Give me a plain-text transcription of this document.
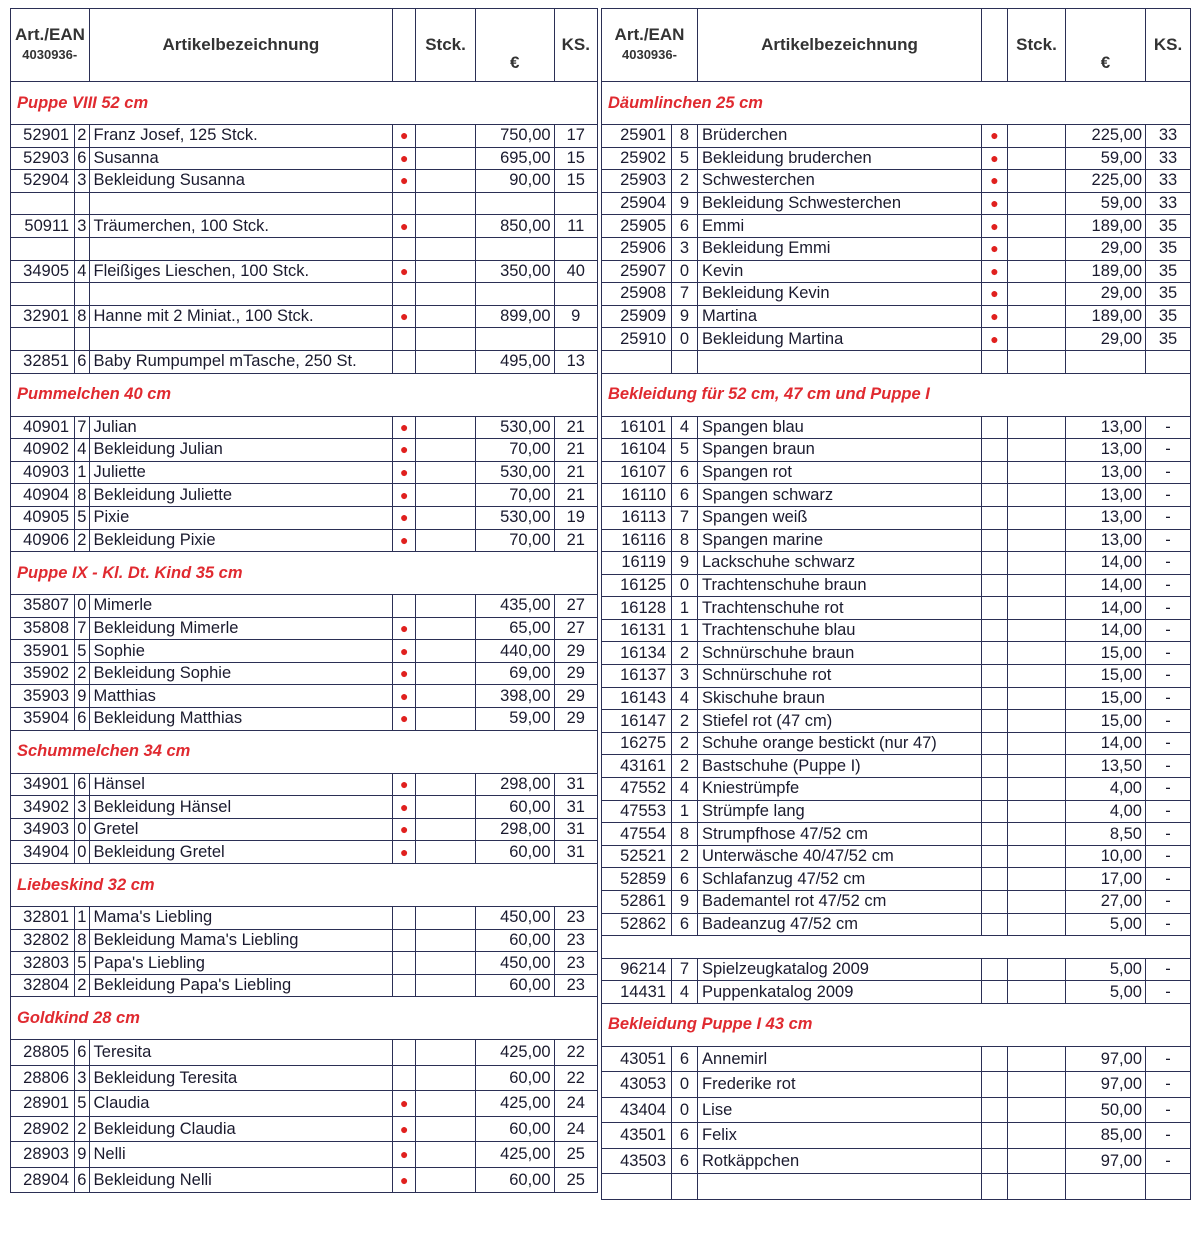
Art./EAN
4030936-		Artikelbezeichnung		Stck.	€	KS.
Puppe VIII 52 cm						
52901	2	Franz Josef, 125 Stck.	●		750,00	17
52903	6	Susanna	●		695,00	15
52904	3	Bekleidung Susanna	●		90,00	15

50911	3	Träumerchen, 100 Stck.	●		850,00	11

34905	4	Fleißiges Lieschen, 100 Stck.	●		350,00	40

32901	8	Hanne mit 2 Miniat., 100 Stck.	●		899,00	9

32851	6	Baby Rumpumpel mTasche, 250 St.			495,00	13
Pummelchen 40 cm						
40901	7	Julian	●		530,00	21
40902	4	Bekleidung Julian	●		70,00	21
40903	1	Juliette	●		530,00	21
40904	8	Bekleidung Juliette	●		70,00	21
40905	5	Pixie	●		530,00	19
40906	2	Bekleidung Pixie	●		70,00	21
Puppe IX - Kl. Dt. Kind 35 cm						
35807	0	Mimerle			435,00	27
35808	7	Bekleidung Mimerle	●		65,00	27
35901	5	Sophie	●		440,00	29
35902	2	Bekleidung Sophie	●		69,00	29
35903	9	Matthias	●		398,00	29
35904	6	Bekleidung Matthias	●		59,00	29
Schummelchen 34 cm						
34901	6	Hänsel	●		298,00	31
34902	3	Bekleidung Hänsel	●		60,00	31
34903	0	Gretel	●		298,00	31
34904	0	Bekleidung Gretel	●		60,00	31
Liebeskind 32 cm						
32801	1	Mama's Liebling			450,00	23
32802	8	Bekleidung Mama's Liebling			60,00	23
32803	5	Papa's Liebling			450,00	23
32804	2	Bekleidung Papa's Liebling			60,00	23
Goldkind 28 cm						
28805	6	Teresita			425,00	22
28806	3	Bekleidung Teresita			60,00	22
28901	5	Claudia	●		425,00	24
28902	2	Bekleidung Claudia	●		60,00	24
28903	9	Nelli	●		425,00	25
28904	6	Bekleidung Nelli	●		60,00	25
Art./EAN
4030936-		Artikelbezeichnung		Stck.	€	KS.
Däumlinchen 25 cm						
25901	8	Brüderchen	●		225,00	33
25902	5	Bekleidung bruderchen	●		59,00	33
25903	2	Schwesterchen	●		225,00	33
25904	9	Bekleidung Schwesterchen	●		59,00	33
25905	6	Emmi	●		189,00	35
25906	3	Bekleidung Emmi	●		29,00	35
25907	0	Kevin	●		189,00	35
25908	7	Bekleidung Kevin	●		29,00	35
25909	9	Martina	●		189,00	35
25910	0	Bekleidung Martina	●		29,00	35

Bekleidung für 52 cm, 47 cm und Puppe I						
16101	4	Spangen blau			13,00	-
16104	5	Spangen braun			13,00	-
16107	6	Spangen rot			13,00	-
16110	6	Spangen schwarz			13,00	-
16113	7	Spangen weiß			13,00	-
16116	8	Spangen marine			13,00	-
16119	9	Lackschuhe schwarz			14,00	-
16125	0	Trachtenschuhe braun			14,00	-
16128	1	Trachtenschuhe rot			14,00	-
16131	1	Trachtenschuhe blau			14,00	-
16134	2	Schnürschuhe braun			15,00	-
16137	3	Schnürschuhe rot			15,00	-
16143	4	Skischuhe braun			15,00	-
16147	2	Stiefel rot (47 cm)			15,00	-
16275	2	Schuhe orange bestickt (nur 47)			14,00	-
43161	2	Bastschuhe (Puppe I)			13,50	-
47552	4	Kniestrümpfe			4,00	-
47553	1	Strümpfe lang			4,00	-
47554	8	Strumpfhose 47/52 cm			8,50	-
52521	2	Unterwäsche 40/47/52 cm			10,00	-
52859	6	Schlafanzug 47/52 cm			17,00	-
52861	9	Bademantel rot 47/52 cm			27,00	-
52862	6	Badeanzug 47/52 cm			5,00	-

96214	7	Spielzeugkatalog 2009			5,00	-
14431	4	Puppenkatalog 2009			5,00	-
Bekleidung Puppe I 43 cm						
43051	6	Annemirl			97,00	-
43053	0	Frederike rot			97,00	-
43404	0	Lise			50,00	-
43501	6	Felix			85,00	-
43503	6	Rotkäppchen			97,00	-
